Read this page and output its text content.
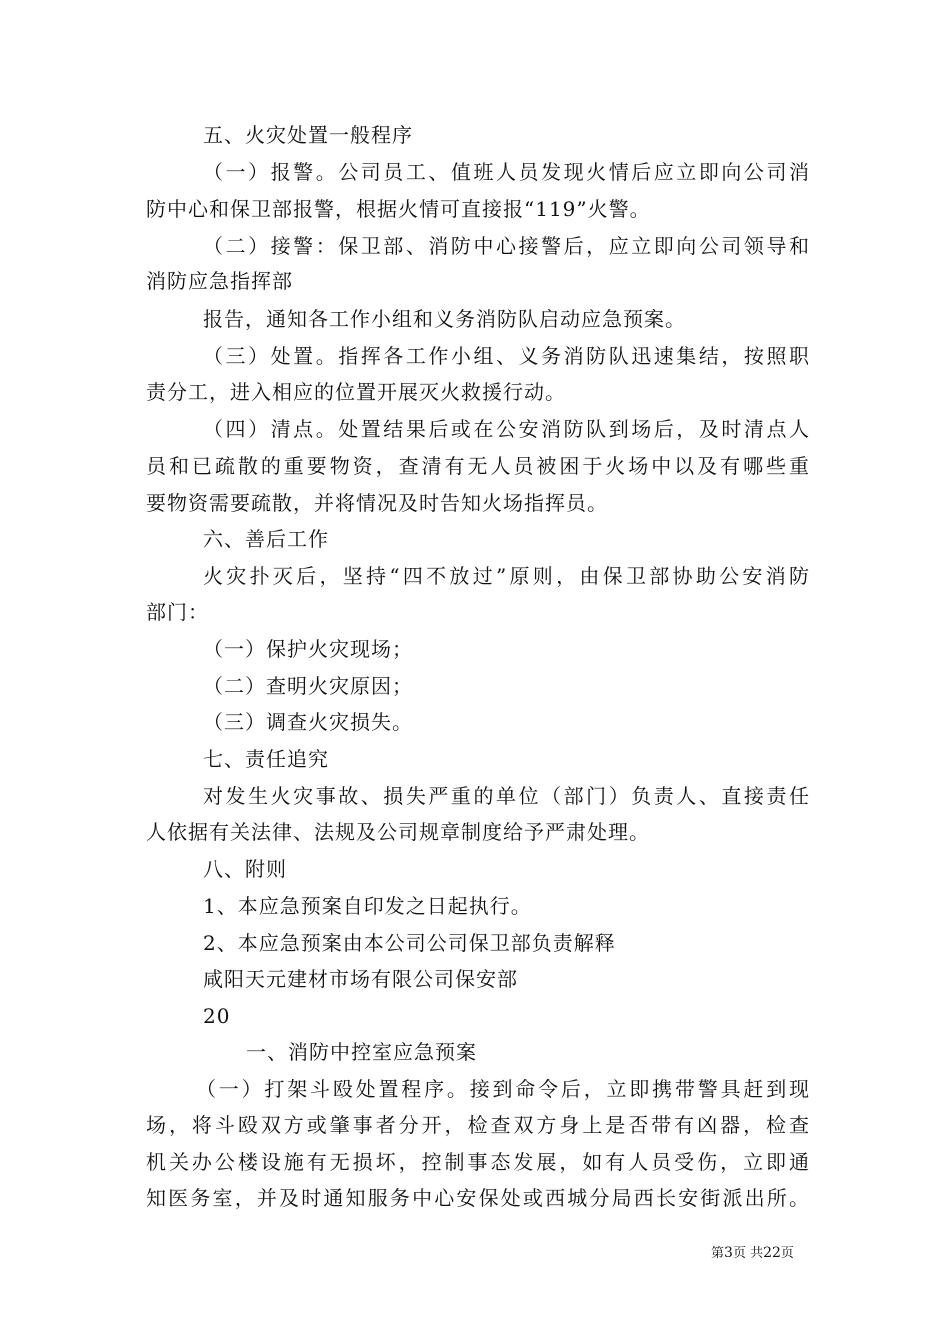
五、火灾处置一般程序
（一）报警。公司员工、值班人员发现火情后应立即向公司消
防中心和保卫部报警，根据火情可直接报“119”火警。
（二）接警：保卫部、消防中心接警后，应立即向公司领导和
消防应急指挥部
报告，通知各工作小组和义务消防队启动应急预案。
（三）处置。指挥各工作小组、义务消防队迅速集结，按照职
责分工，进入相应的位置开展灭火救援行动。
（四）清点。处置结果后或在公安消防队到场后，及时清点人
员和已疏散的重要物资，查清有无人员被困于火场中以及有哪些重
要物资需要疏散，并将情况及时告知火场指挥员。
六、善后工作
火灾扑灭后，坚持“四不放过”原则，由保卫部协助公安消防
部门：
（一）保护火灾现场；
（二）查明火灾原因；
（三）调查火灾损失。
七、责任追究
对发生火灾事故、损失严重的单位（部门）负责人、直接责任
人依据有关法律、法规及公司规章制度给予严肃处理。
八、附则
1、本应急预案自印发之日起执行。
2、本应急预案由本公司公司保卫部负责解释
咸阳天元建材市场有限公司保安部
20
一、消防中控室应急预案
（一）打架斗殴处置程序。接到命令后，立即携带警具赶到现
场，将斗殴双方或肇事者分开，检查双方身上是否带有凶器，检查
机关办公楼设施有无损坏，控制事态发展，如有人员受伤，立即通
知医务室，并及时通知服务中心安保处或西城分局西长安街派出所。
第3页 共22页
